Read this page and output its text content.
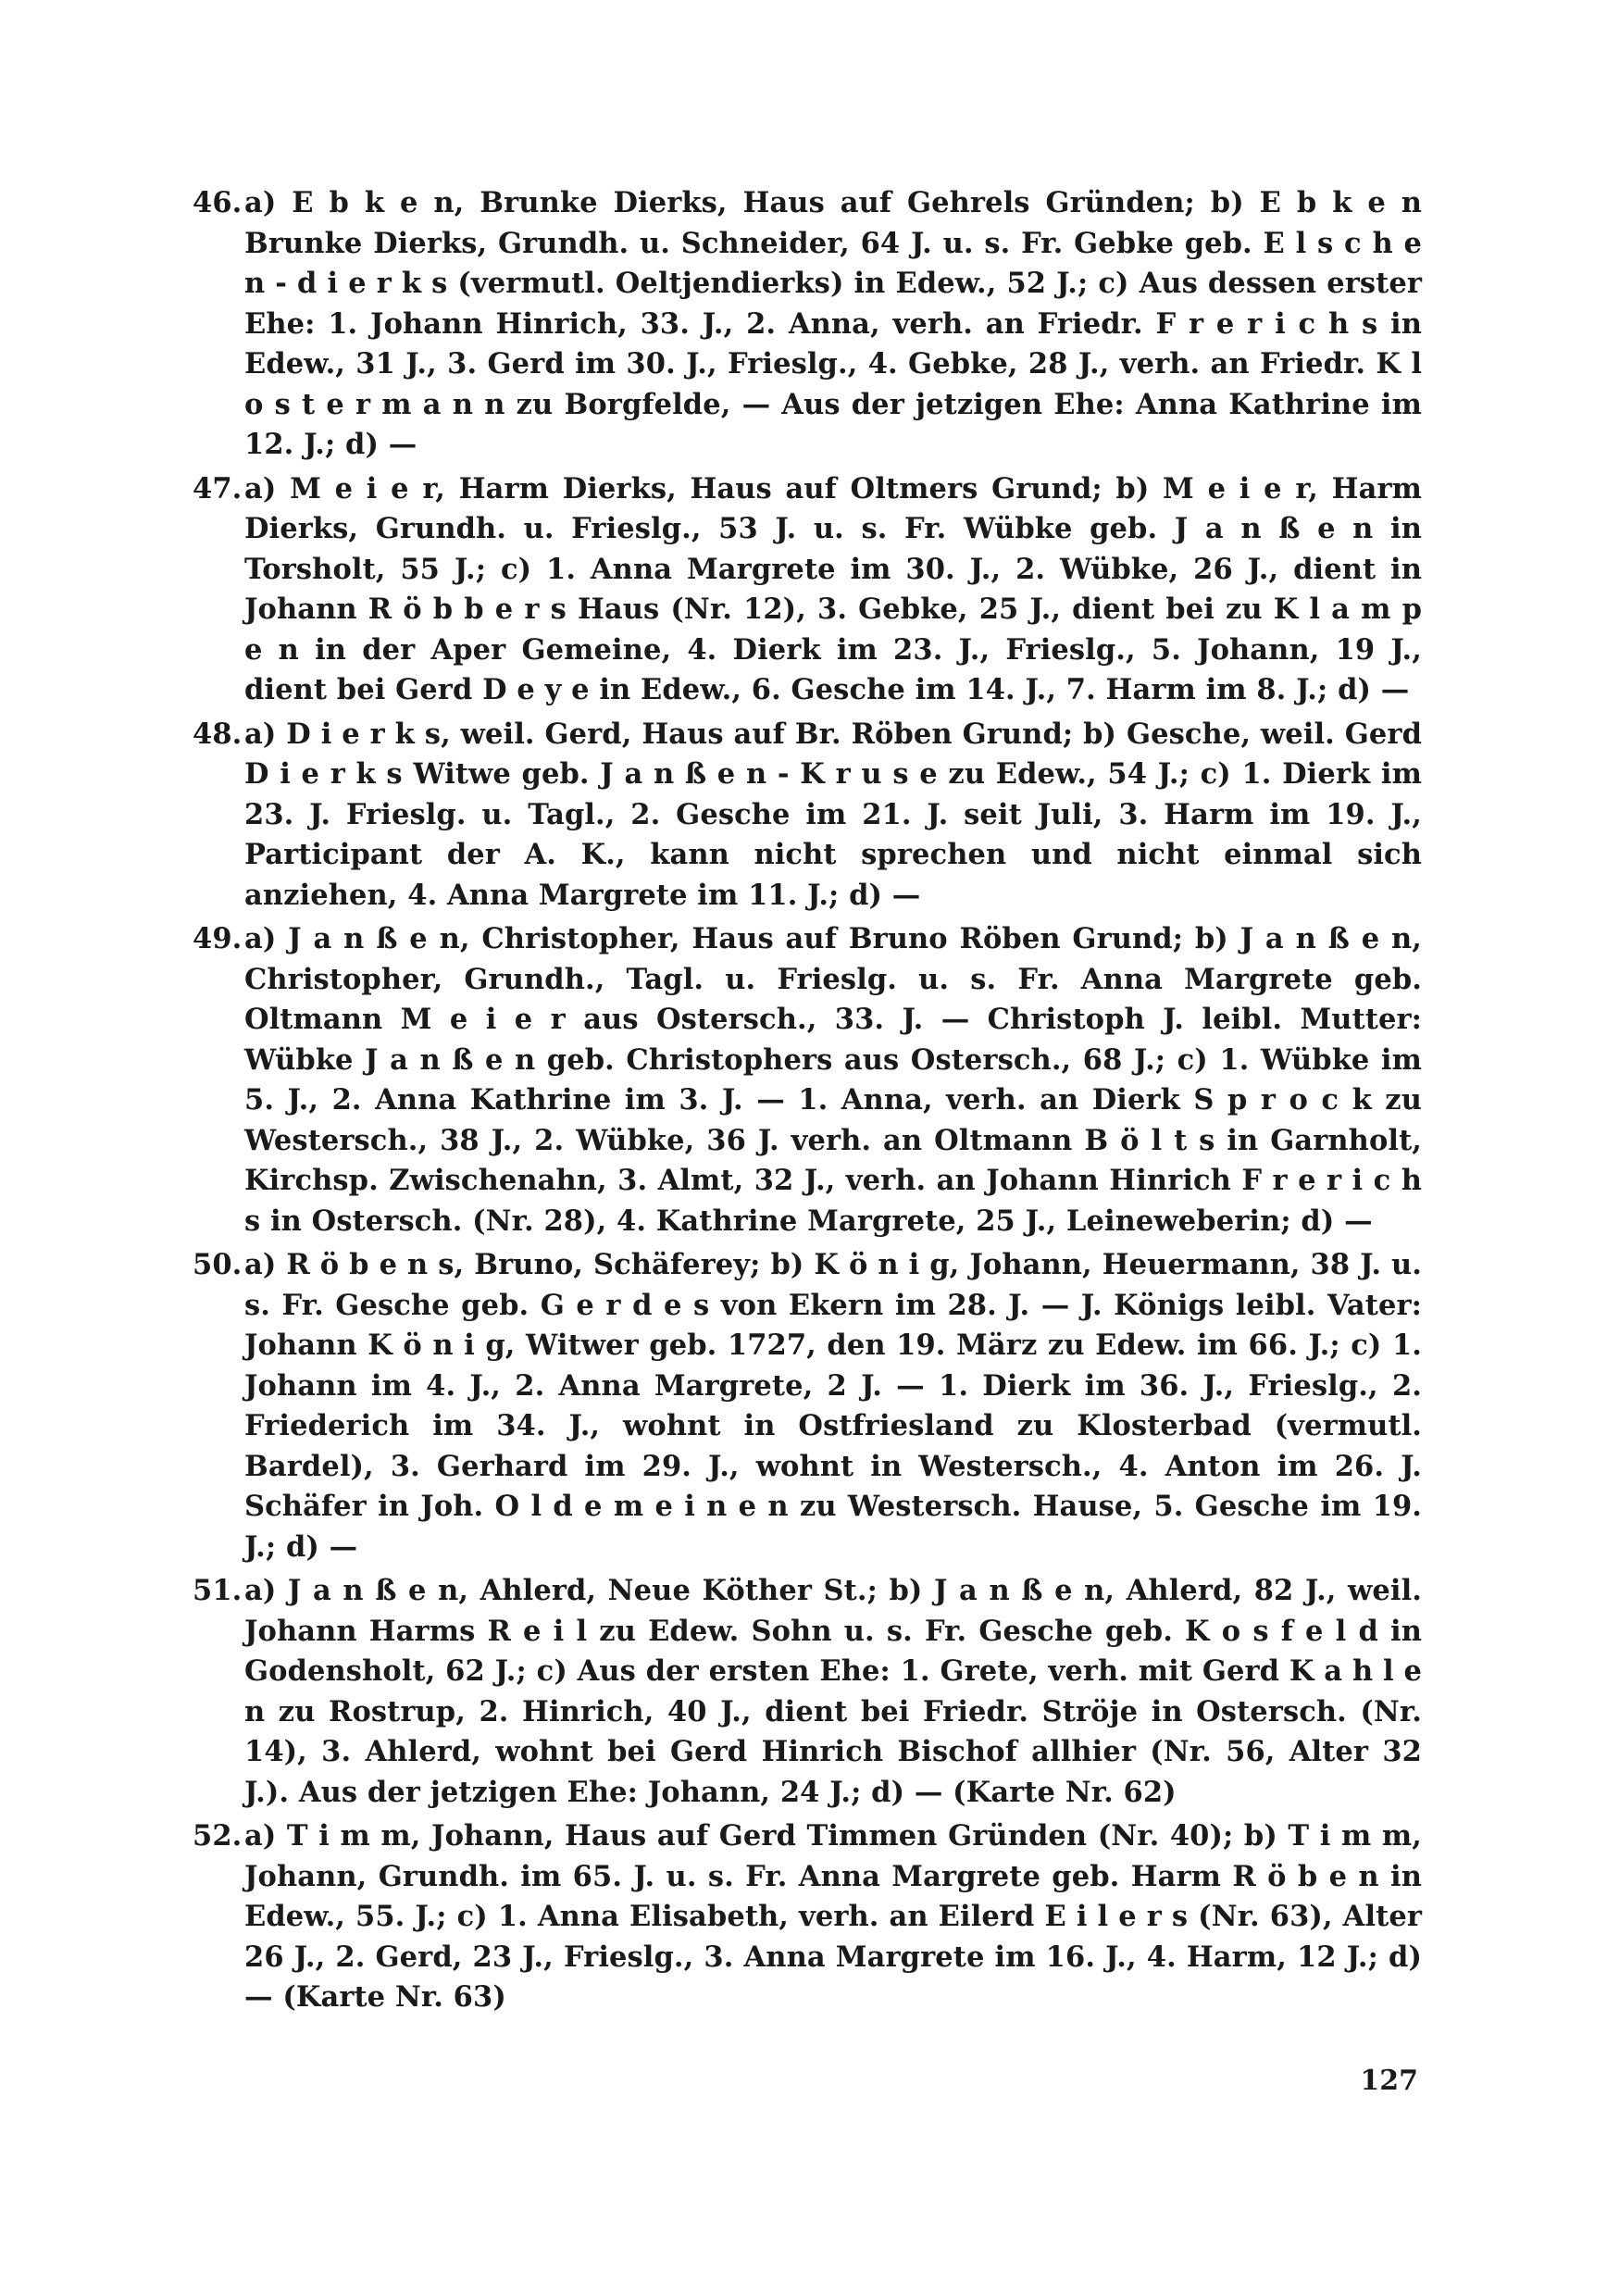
46. a) E b k e n, Brunke Dierks, Haus auf Gehrels Gründen; b) E b k e n Brunke Dierks, Grundh. u. Schneider, 64 J. u. s. Fr. Gebke geb. E l s c h e n - d i e r k s (vermutl. Oeltjendierks) in Edew., 52 J.; c) Aus dessen erster Ehe: 1. Johann Hinrich, 33. J., 2. Anna, verh. an Friedr. F r e r i c h s in Edew., 31 J., 3. Gerd im 30. J., Frieslg., 4. Gebke, 28 J., verh. an Friedr. K l o s t e r m a n n zu Borgfelde, — Aus der jetzigen Ehe: Anna Kathrine im 12. J.; d) —
47. a) M e i e r, Harm Dierks, Haus auf Oltmers Grund; b) M e i e r, Harm Dierks, Grundh. u. Frieslg., 53 J. u. s. Fr. Wübke geb. J a n ß e n in Torsholt, 55 J.; c) 1. Anna Margrete im 30. J., 2. Wübke, 26 J., dient in Johann R ö b b e r s Haus (Nr. 12), 3. Gebke, 25 J., dient bei zu K l a m p e n in der Aper Gemeine, 4. Dierk im 23. J., Frieslg., 5. Johann, 19 J., dient bei Gerd D e y e in Edew., 6. Gesche im 14. J., 7. Harm im 8. J.; d) —
48. a) D i e r k s, weil. Gerd, Haus auf Br. Röben Grund; b) Gesche, weil. Gerd D i e r k s Witwe geb. J a n ß e n - K r u s e zu Edew., 54 J.; c) 1. Dierk im 23. J. Frieslg. u. Tagl., 2. Gesche im 21. J. seit Juli, 3. Harm im 19. J., Participant der A. K., kann nicht sprechen und nicht einmal sich anziehen, 4. Anna Margrete im 11. J.; d) —
49. a) J a n ß e n, Christopher, Haus auf Bruno Röben Grund; b) J a n ß e n, Christopher, Grundh., Tagl. u. Frieslg. u. s. Fr. Anna Margrete geb. Oltmann M e i e r aus Ostersch., 33. J. — Christoph J. leibl. Mutter: Wübke J a n ß e n geb. Christophers aus Ostersch., 68 J.; c) 1. Wübke im 5. J., 2. Anna Kathrine im 3. J. — 1. Anna, verh. an Dierk S p r o c k zu Westersch., 38 J., 2. Wübke, 36 J. verh. an Oltmann B ö l t s in Garnholt, Kirchsp. Zwischenahn, 3. Almt, 32 J., verh. an Johann Hinrich F r e r i c h s in Ostersch. (Nr. 28), 4. Kathrine Margrete, 25 J., Leineweberin; d) —
50. a) R ö b e n s, Bruno, Schäferey; b) K ö n i g, Johann, Heuermann, 38 J. u. s. Fr. Gesche geb. G e r d e s von Ekern im 28. J. — J. Königs leibl. Vater: Johann K ö n i g, Witwer geb. 1727, den 19. März zu Edew. im 66. J.; c) 1. Johann im 4. J., 2. Anna Margrete, 2 J. — 1. Dierk im 36. J., Frieslg., 2. Friederich im 34. J., wohnt in Ostfriesland zu Klosterbad (vermutl. Bardel), 3. Gerhard im 29. J., wohnt in Westersch., 4. Anton im 26. J. Schäfer in Joh. O l d e m e i n e n zu Westersch. Hause, 5. Gesche im 19. J.; d) —
51. a) J a n ß e n, Ahlerd, Neue Köther St.; b) J a n ß e n, Ahlerd, 82 J., weil. Johann Harms R e i l zu Edew. Sohn u. s. Fr. Gesche geb. K o s f e l d in Godensholt, 62 J.; c) Aus der ersten Ehe: 1. Grete, verh. mit Gerd K a h l e n zu Rostrup, 2. Hinrich, 40 J., dient bei Friedr. Ströje in Ostersch. (Nr. 14), 3. Ahlerd, wohnt bei Gerd Hinrich Bischof allhier (Nr. 56, Alter 32 J.). Aus der jetzigen Ehe: Johann, 24 J.; d) — (Karte Nr. 62)
52. a) T i m m, Johann, Haus auf Gerd Timmen Gründen (Nr. 40); b) T i m m, Johann, Grundh. im 65. J. u. s. Fr. Anna Margrete geb. Harm R ö b e n in Edew., 55. J.; c) 1. Anna Elisabeth, verh. an Eilerd E i l e r s (Nr. 63), Alter 26 J., 2. Gerd, 23 J., Frieslg., 3. Anna Margrete im 16. J., 4. Harm, 12 J.; d) — (Karte Nr. 63)
127
